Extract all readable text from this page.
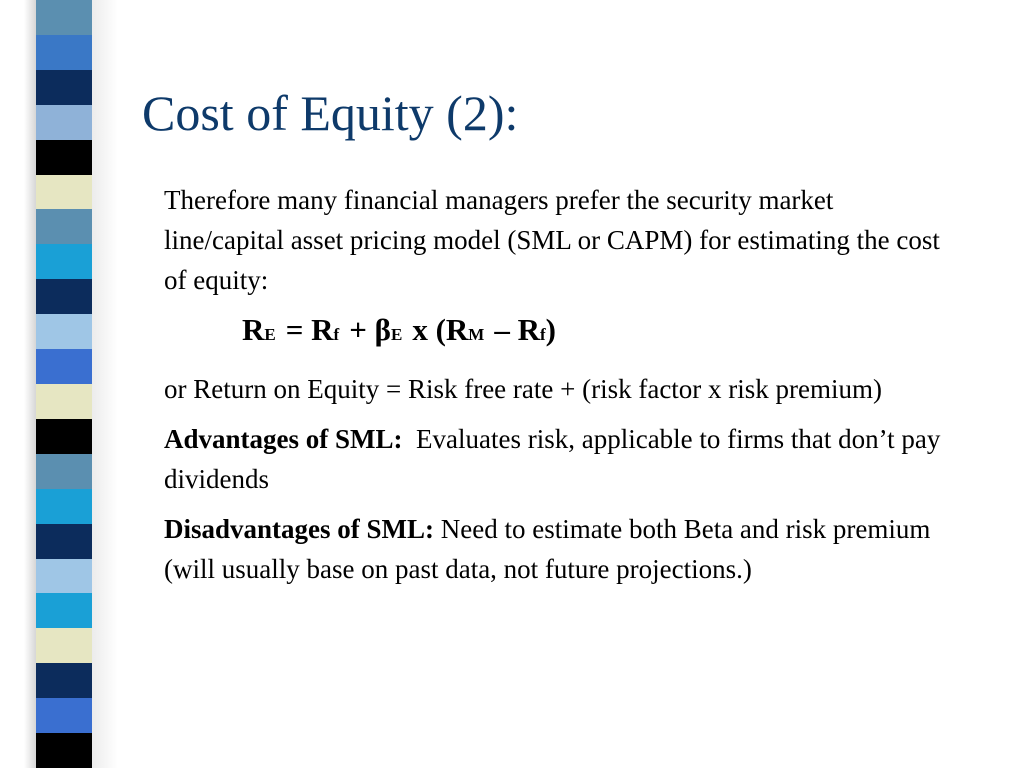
Cost of Equity (2):

Therefore many financial managers prefer the security market line/capital asset pricing model (SML or CAPM) for estimating the cost of equity:

RE = Rf + βE x (RM – Rf)

or Return on Equity = Risk free rate + (risk factor x risk premium)

Advantages of SML: Evaluates risk, applicable to firms that don’t pay dividends

Disadvantages of SML: Need to estimate both Beta and risk premium (will usually base on past data, not future projections.)
